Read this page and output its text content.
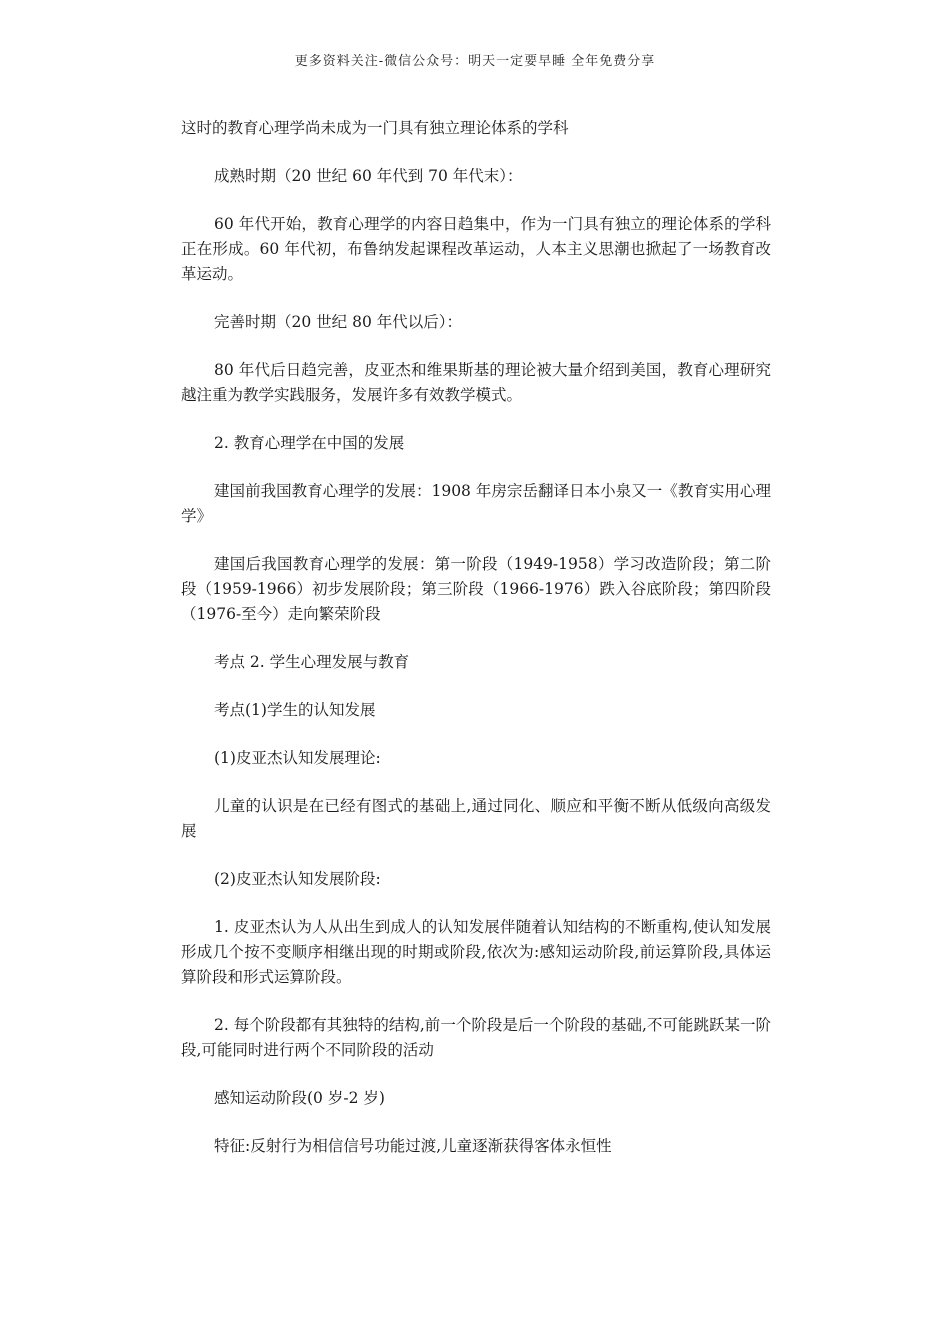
更多资料关注-微信公众号：明天一定要早睡 全年免费分享

这时的教育心理学尚未成为一门具有独立理论体系的学科

成熟时期（20 世纪 60 年代到 70 年代末）：

60 年代开始，教育心理学的内容日趋集中，作为一门具有独立的理论体系的学科正在形成。60 年代初，布鲁纳发起课程改革运动，人本主义思潮也掀起了一场教育改革运动。

完善时期（20 世纪 80 年代以后）：

80 年代后日趋完善，皮亚杰和维果斯基的理论被大量介绍到美国，教育心理研究越注重为教学实践服务，发展许多有效教学模式。

2. 教育心理学在中国的发展

建国前我国教育心理学的发展：1908 年房宗岳翻译日本小泉又一《教育实用心理学》

建国后我国教育心理学的发展：第一阶段（1949-1958）学习改造阶段；第二阶段（1959-1966）初步发展阶段；第三阶段（1966-1976）跌入谷底阶段；第四阶段（1976-至今）走向繁荣阶段

考点 2. 学生心理发展与教育

考点(1)学生的认知发展

(1)皮亚杰认知发展理论:

儿童的认识是在已经有图式的基础上,通过同化、顺应和平衡不断从低级向高级发展

(2)皮亚杰认知发展阶段:

1. 皮亚杰认为人从出生到成人的认知发展伴随着认知结构的不断重构,使认知发展形成几个按不变顺序相继出现的时期或阶段,依次为:感知运动阶段,前运算阶段,具体运算阶段和形式运算阶段。

2. 每个阶段都有其独特的结构,前一个阶段是后一个阶段的基础,不可能跳跃某一阶段,可能同时进行两个不同阶段的活动

感知运动阶段(0 岁-2 岁)

特征:反射行为相信信号功能过渡,儿童逐渐获得客体永恒性
